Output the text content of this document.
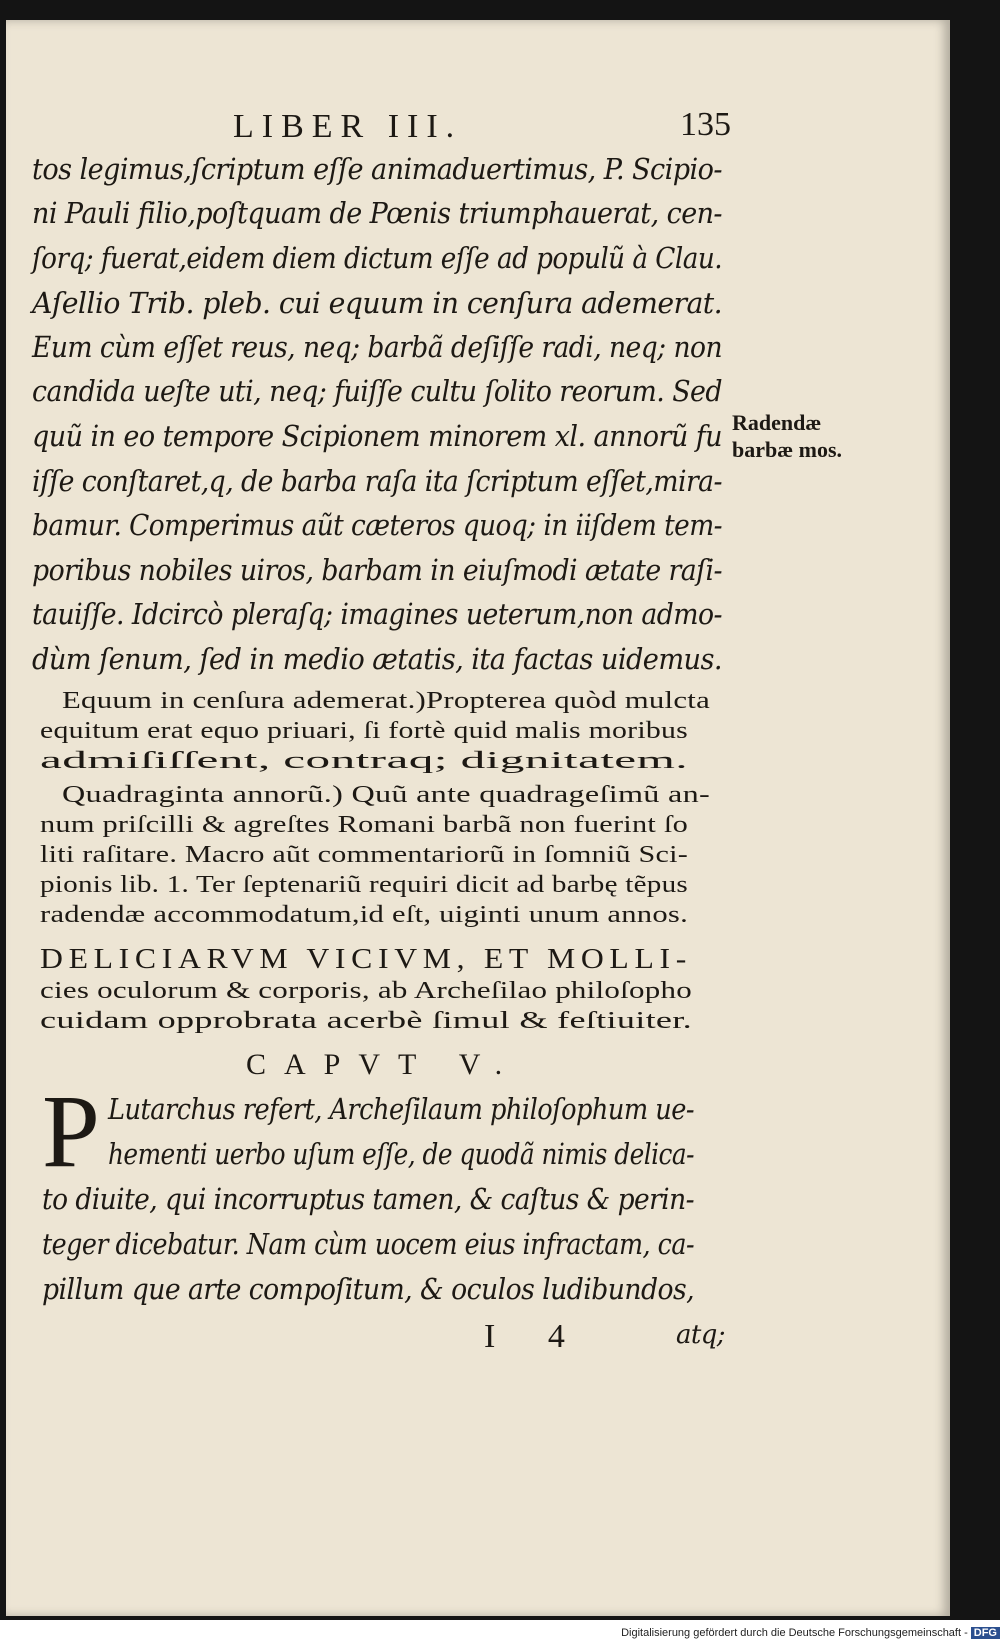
LIBER III.	135
tos legimus,ſcriptum eſſe animaduertimus, P. Scipio-
ni Pauli filio,poſtquam de Pœnis triumphauerat, cen-
ſorq; fuerat,eidem diem dictum eſſe ad populũ à Clau.
Aſellio Trib. pleb. cui equum in cenſura ademerat.
Eum cùm eſſet reus, neq; barbã deſiſſe radi, neq; non
candida ueſte uti, neq; fuiſſe cultu ſolito reorum. Sed
quũ in eo tempore Scipionem minorem xl. annorũ fu
iſſe conſtaret,q, de barba raſa ita ſcriptum eſſet,mira-
bamur. Comperimus aũt cæteros quoq; in iiſdem tem-
poribus nobiles uiros, barbam in eiuſmodi ætate raſi-
tauiſſe. Idcircò pleraſq; imagines ueterum,non admo-
dùm ſenum, ſed in medio ætatis, ita factas uidemus.
Radendæ
barbæ mos.
Equum in cenſura ademerat.)Propterea quòd mulcta
equitum erat equo priuari, ſi fortè quid malis moribus
admiſiſſent, contraq; dignitatem.
Quadraginta annorũ.) Quũ ante quadrageſimũ an-
num priſcilli & agreſtes Romani barbã non fuerint ſo
liti raſitare. Macro aũt commentariorũ in ſomniũ Sci-
pionis lib. 1. Ter ſeptenariũ requiri dicit ad barbę tẽpus
radendæ accommodatum,id eſt, uiginti unum annos.
DELICIARVM VICIVM, ET MOLLI-
cies oculorum & corporis, ab Archeſilao philoſopho
cuidam opprobrata acerbè ſimul & feſtiuiter.
CAPVT V.
P Lutarchus refert, Archeſilaum philoſophum ue-
hementi uerbo uſum eſſe, de quodã nimis delica-
to diuite, qui incorruptus tamen, & caſtus & perin-
teger dicebatur. Nam cùm uocem eius infractam, ca-
pillum que arte compoſitum, & oculos ludibundos,
I 4	atq;
Digitalisierung gefördert durch die Deutsche Forschungsgemeinschaft - DFG
